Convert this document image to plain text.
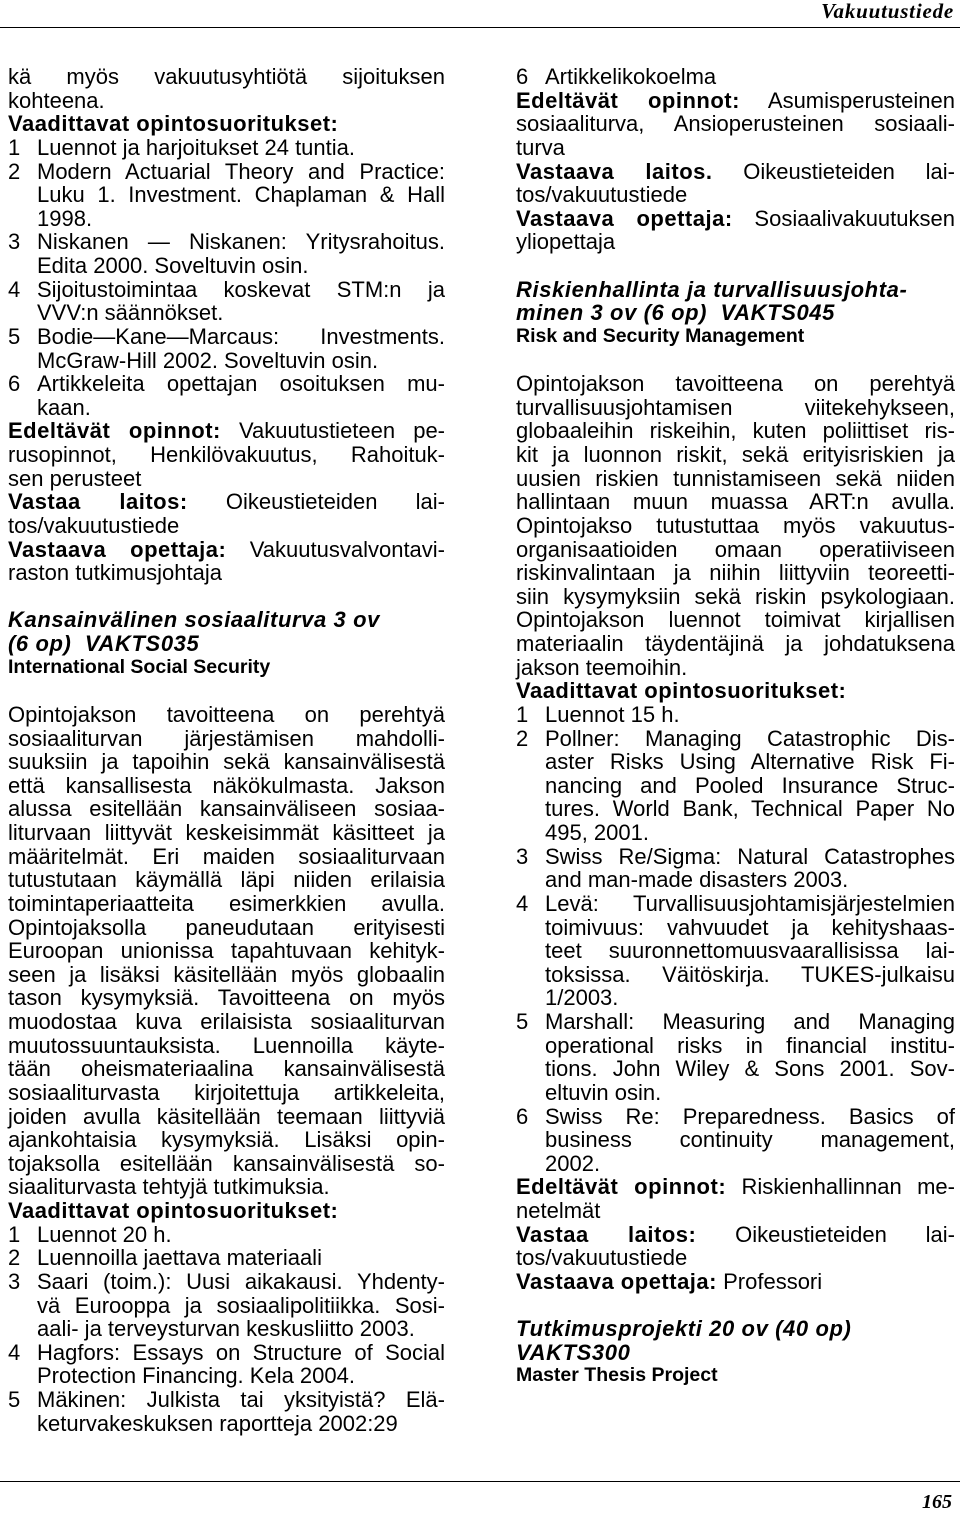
Vakuutustiede
kä myös vakuutusyhtiötä sijoituksen
kohteena.
Vaadittavat opintosuoritukset:
1 Luennot ja harjoitukset 24 tuntia.
2 Modern Actuarial Theory and Practice:
Luku 1. Investment. Chaplaman & Hall
1998.
3 Niskanen — Niskanen: Yritysrahoitus.
Edita 2000. Soveltuvin osin.
4 Sijoitustoimintaa koskevat STM:n ja
VVV:n säännökset.
5 Bodie—Kane—Marcaus: Investments.
McGraw-Hill 2002. Soveltuvin osin.
6 Artikkeleita opettajan osoituksen mu-
kaan.
Edeltävät opinnot: Vakuutustieteen pe-
rusopinnot, Henkilövakuutus, Rahoituk-
sen perusteet
Vastaa laitos: Oikeustieteiden lai-
tos/vakuutustiede
Vastaava opettaja: Vakuutusvalvontavi-
raston tutkimusjohtaja
Kansainvälinen sosiaaliturva 3 ov
(6 op)  VAKTS035
International Social Security
Opintojakson tavoitteena on perehtyä
sosiaaliturvan järjestämisen mahdolli-
suuksiin ja tapoihin sekä kansainvälisestä
että kansallisesta näkökulmasta. Jakson
alussa esitellään kansainväliseen sosiaa-
liturvaan liittyvät keskeisimmät käsitteet ja
määritelmät. Eri maiden sosiaaliturvaan
tutustutaan käymällä läpi niiden erilaisia
toimintaperiaatteita esimerkkien avulla.
Opintojaksolla paneudutaan erityisesti
Euroopan unionissa tapahtuvaan kehityk-
seen ja lisäksi käsitellään myös globaalin
tason kysymyksiä. Tavoitteena on myös
muodostaa kuva erilaisista sosiaaliturvan
muutossuuntauksista. Luennoilla käyte-
tään oheismateriaalina kansainvälisestä
sosiaaliturvasta kirjoitettuja artikkeleita,
joiden avulla käsitellään teemaan liittyviä
ajankohtaisia kysymyksiä. Lisäksi opin-
tojaksolla esitellään kansainvälisestä so-
siaaliturvasta tehtyjä tutkimuksia.
Vaadittavat opintosuoritukset:
1 Luennot 20 h.
2 Luennoilla jaettava materiaali
3 Saari (toim.): Uusi aikakausi. Yhdenty-
vä Eurooppa ja sosiaalipolitiikka. Sosi-
aali- ja terveysturvan keskusliitto 2003.
4 Hagfors: Essays on Structure of Social
Protection Financing. Kela 2004.
5 Mäkinen: Julkista tai yksityistä? Elä-
keturvakeskuksen raportteja 2002:29
6 Artikkelikokoelma
Edeltävät opinnot: Asumisperusteinen
sosiaaliturva, Ansioperusteinen sosiaali-
turva
Vastaava laitos. Oikeustieteiden lai-
tos/vakuutustiede
Vastaava opettaja: Sosiaalivakuutuksen
yliopettaja
Riskienhallinta ja turvallisuusjohta-
minen 3 ov (6 op)  VAKTS045
Risk and Security Management
Opintojakson tavoitteena on perehtyä
turvallisuusjohtamisen viitekehykseen,
globaaleihin riskeihin, kuten poliittiset ris-
kit ja luonnon riskit, sekä erityisriskien ja
uusien riskien tunnistamiseen sekä niiden
hallintaan muun muassa ART:n avulla.
Opintojakso tutustuttaa myös vakuutus-
organisaatioiden omaan operatiiviseen
riskinvalintaan ja niihin liittyviin teoreetti-
siin kysymyksiin sekä riskin psykologiaan.
Opintojakson luennot toimivat kirjallisen
materiaalin täydentäjinä ja johdatuksena
jakson teemoihin.
Vaadittavat opintosuoritukset:
1 Luennot 15 h.
2 Pollner: Managing Catastrophic Dis-
aster Risks Using Alternative Risk Fi-
nancing and Pooled Insurance Struc-
tures. World Bank, Technical Paper No
495, 2001.
3 Swiss Re/Sigma: Natural Catastrophes
and man-made disasters 2003.
4 Levä: Turvallisuusjohtamisjärjestelmien
toimivuus: vahvuudet ja kehityshaas-
teet suuronnettomuusvaarallisissa lai-
toksissa. Väitöskirja. TUKES-julkaisu
1/2003.
5 Marshall: Measuring and Managing
operational risks in financial institu-
tions. John Wiley & Sons 2001. Sov-
eltuvin osin.
6 Swiss Re: Preparedness. Basics of
business continuity management,
2002.
Edeltävät opinnot: Riskienhallinnan me-
netelmät
Vastaa laitos: Oikeustieteiden lai-
tos/vakuutustiede
Vastaava opettaja: Professori
Tutkimusprojekti 20 ov (40 op)
VAKTS300
Master Thesis Project
165
